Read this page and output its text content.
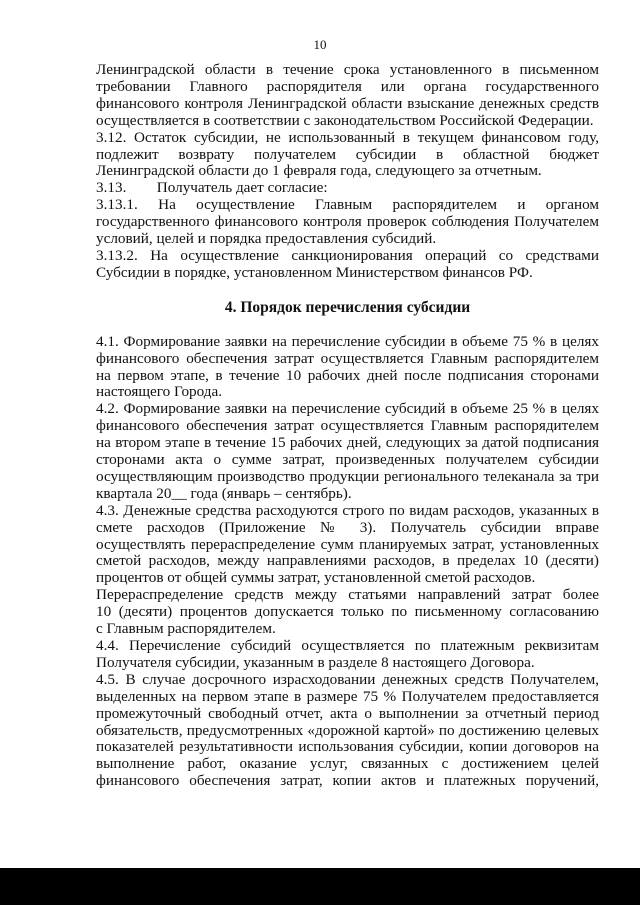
10

Ленинградской области в течение срока установленного в письменном
требовании Главного распорядителя или органа государственного
финансового контроля Ленинградской области взыскание денежных средств
осуществляется в соответствии с законодательством Российской Федерации.

3.12. Остаток субсидии, не использованный в текущем финансовом году,
подлежит возврату получателем субсидии в областной бюджет
Ленинградской области до 1 февраля года, следующего за отчетным.

3.13.        Получатель дает согласие:

3.13.1.   На   осуществление   Главным   распорядителем   и   органом
государственного финансового контроля проверок соблюдения Получателем
условий, целей и порядка предоставления субсидий.

3.13.2. На осуществление санкционирования операций со средствами
Субсидии в порядке, установленном Министерством финансов РФ.

4. Порядок перечисления субсидии

4.1. Формирование заявки на перечисление субсидии в объеме 75 % в целях
финансового обеспечения затрат осуществляется Главным распорядителем
на первом этапе, в течение 10 рабочих дней после подписания сторонами
настоящего Города.

4.2. Формирование заявки на перечисление субсидий в объеме 25 % в целях
финансового обеспечения затрат осуществляется Главным распорядителем
на втором этапе в течение 15 рабочих дней, следующих за датой подписания
сторонами акта о сумме затрат, произведенных получателем субсидии
осуществляющим производство продукции регионального телеканала за три
квартала 20__ года (январь – сентябрь).

4.3. Денежные средства расходуются строго по видам расходов, указанных в
смете расходов (Приложение № 3). Получатель субсидии вправе
осуществлять перераспределение сумм планируемых затрат, установленных
сметой расходов, между направлениями расходов, в пределах 10 (десяти)
процентов от общей суммы затрат, установленной сметой расходов.

Перераспределение средств между статьями направлений затрат более
10 (десяти) процентов допускается только по письменному согласованию
с Главным распорядителем.

4.4. Перечисление субсидий осуществляется по платежным реквизитам
Получателя субсидии, указанным в разделе 8 настоящего Договора.

4.5. В случае досрочного израсходовании денежных средств Получателем,
выделенных на первом этапе в размере 75 % Получателем предоставляется
промежуточный свободный отчет, акта о выполнении за отчетный период
обязательств, предусмотренных «дорожной картой» по достижению целевых
показателей результативности использования субсидии, копии договоров на
выполнение работ, оказание услуг, связанных с достижением целей
финансового обеспечения затрат, копии актов и платежных поручений,
